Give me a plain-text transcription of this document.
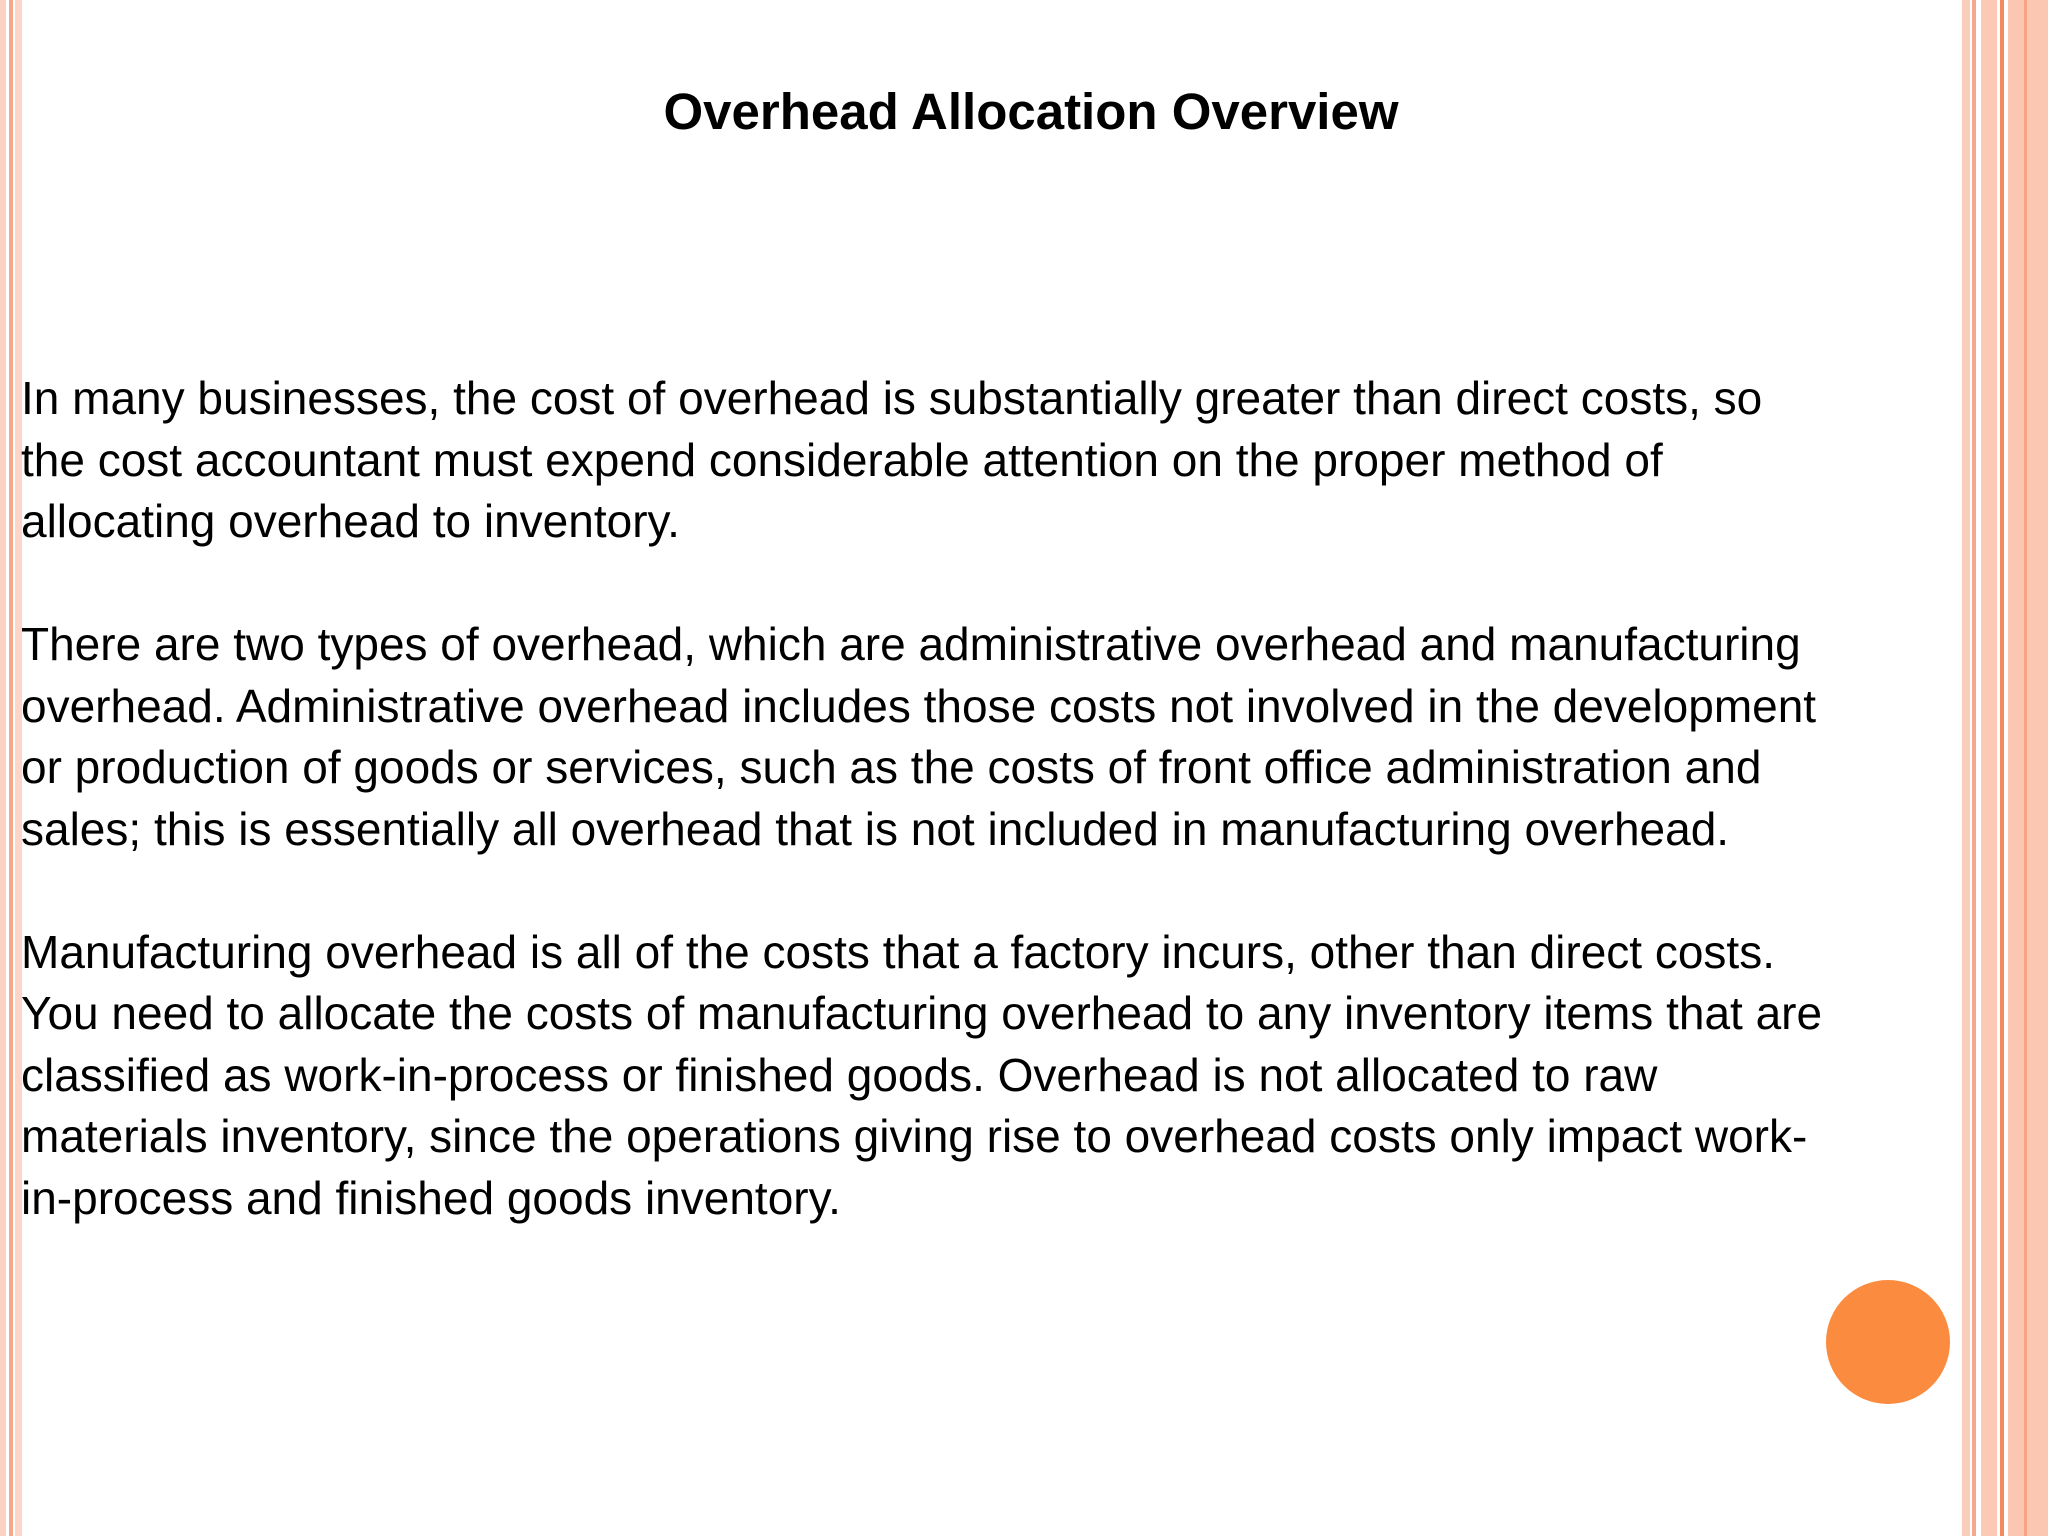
Overhead Allocation Overview

In many businesses, the cost of overhead is substantially greater than direct costs, so
the cost accountant must expend considerable attention on the proper method of
allocating overhead to inventory.

There are two types of overhead, which are administrative overhead and manufacturing
overhead. Administrative overhead includes those costs not involved in the development
or production of goods or services, such as the costs of front office administration and
sales; this is essentially all overhead that is not included in manufacturing overhead.

Manufacturing overhead is all of the costs that a factory incurs, other than direct costs.
You need to allocate the costs of manufacturing overhead to any inventory items that are
classified as work-in-process or finished goods. Overhead is not allocated to raw
materials inventory, since the operations giving rise to overhead costs only impact work-
in-process and finished goods inventory.
